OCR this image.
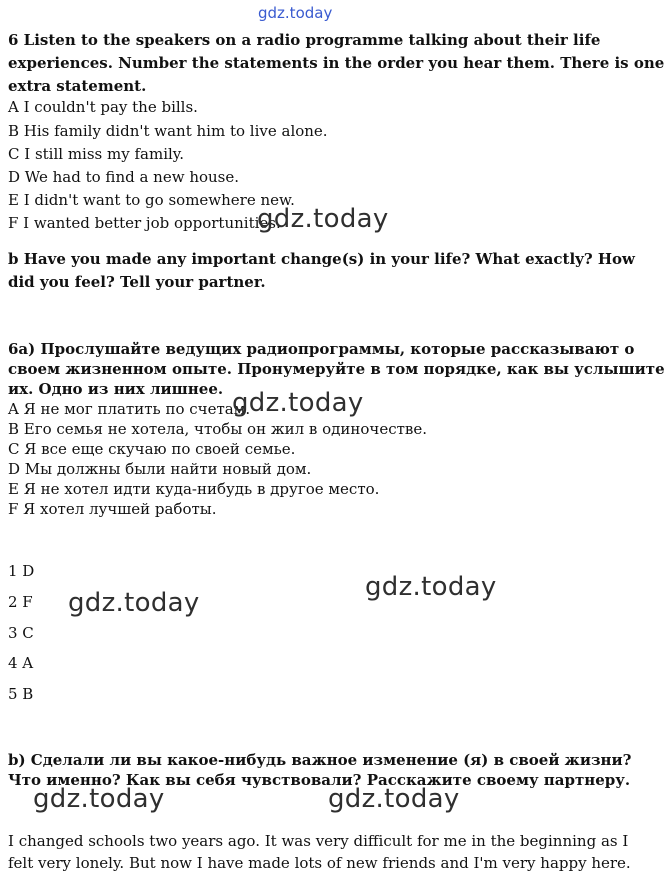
gdz.today
6 Listen to the speakers on a radio programme talking about their life
experiences. Number the statements in the order you hear them. There is one
extra statement.
A I couldn't pay the bills.
B His family didn't want him to live alone.
C I still miss my family.
D We had to find a new house.
E I didn't want to go somewhere new.
F I wanted better job opportunities.
gdz.today
b Have you made any important change(s) in your life? What exactly? How
did you feel? Tell your partner.
6a) Прослушайте ведущих радиопрограммы, которые рассказывают о
своем жизненном опыте. Пронумеруйте в том порядке, как вы услышите
их. Одно из них лишнее.
A Я не мог платить по счетам.
B Его семья не хотела, чтобы он жил в одиночестве.
C Я все еще скучаю по своей семье.
D Мы должны были найти новый дом.
E Я не хотел идти куда-нибудь в другое место.
F Я хотел лучшей работы.
gdz.today
1 D
2 F
3 C
4 A
5 B
gdz.today
gdz.today
b) Сделали ли вы какое-нибудь важное изменение (я) в своей жизни?
Что именно? Как вы себя чувствовали? Расскажите своему партнеру.
gdz.today	gdz.today
I changed schools two years ago. It was very difficult for me in the beginning as I
felt very lonely. But now I have made lots of new friends and I'm very happy here.
